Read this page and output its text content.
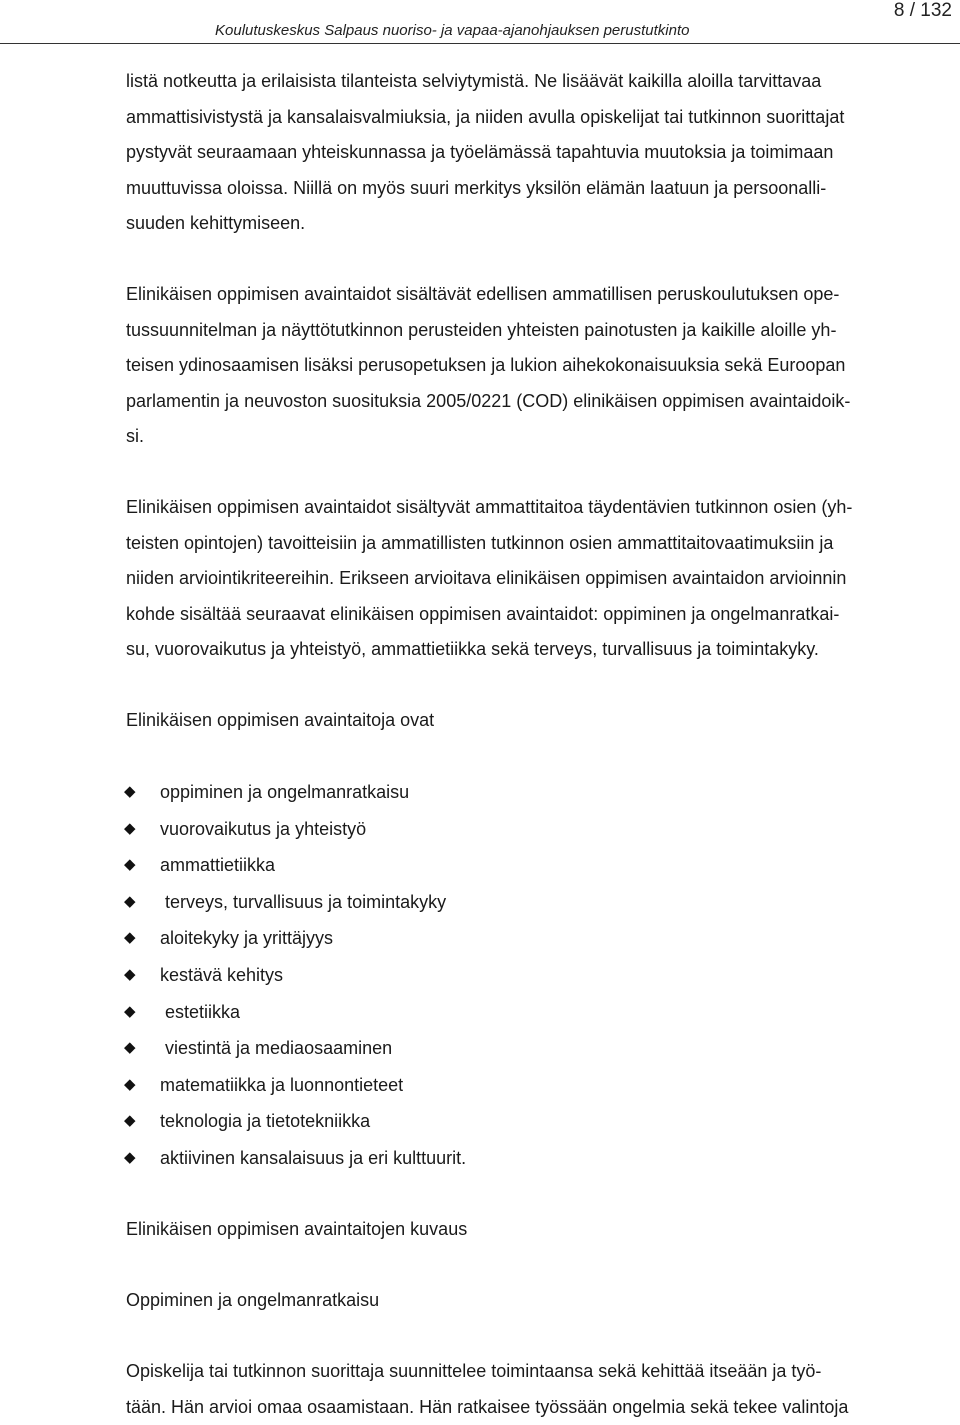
Koulutuskeskus Salpaus nuoriso- ja vapaa-ajanohjauksen perustutkinto
8 / 132
listä notkeutta ja erilaisista tilanteista selviytymistä. Ne lisäävät kaikilla aloilla tarvittavaa
ammattisivistystä ja kansalaisvalmiuksia, ja niiden avulla opiskelijat tai tutkinnon suorittajat
pystyvät seuraamaan yhteiskunnassa ja työelämässä tapahtuvia muutoksia ja toimimaan
muuttuvissa oloissa. Niillä on myös suuri merkitys yksilön elämän laatuun ja persoonalli-
suuden kehittymiseen.
Elinikäisen oppimisen avaintaidot sisältävät edellisen ammatillisen peruskoulutuksen ope-
tussuunnitelman ja näyttötutkinnon perusteiden yhteisten painotusten ja kaikille aloille yh-
teisen ydinosaamisen lisäksi perusopetuksen ja lukion aihekokonaisuuksia sekä Euroopan
parlamentin ja neuvoston suosituksia 2005/0221 (COD) elinikäisen oppimisen avaintaidoik-
si.
Elinikäisen oppimisen avaintaidot sisältyvät ammattitaitoa täydentävien tutkinnon osien (yh-
teisten opintojen) tavoitteisiin ja ammatillisten tutkinnon osien ammattitaitovaatimuksiin ja
niiden arviointikriteereihin. Erikseen arvioitava elinikäisen oppimisen avaintaidon arvioinnin
kohde sisältää seuraavat elinikäisen oppimisen avaintaidot: oppiminen ja ongelmanratkai-
su, vuorovaikutus ja yhteistyö, ammattietiikka sekä terveys, turvallisuus ja toimintakyky.
Elinikäisen oppimisen avaintaitoja ovat
◆ oppiminen ja ongelmanratkaisu
◆ vuorovaikutus ja yhteistyö
◆ ammattietiikka
◆ terveys, turvallisuus ja toimintakyky
◆ aloitekyky ja yrittäjyys
◆ kestävä kehitys
◆ estetiikka
◆ viestintä ja mediaosaaminen
◆ matematiikka ja luonnontieteet
◆ teknologia ja tietotekniikka
◆ aktiivinen kansalaisuus ja eri kulttuurit.
Elinikäisen oppimisen avaintaitojen kuvaus
Oppiminen ja ongelmanratkaisu
Opiskelija tai tutkinnon suorittaja suunnittelee toimintaansa sekä kehittää itseään ja työ-
tään. Hän arvioi omaa osaamistaan. Hän ratkaisee työssään ongelmia sekä tekee valintoja
